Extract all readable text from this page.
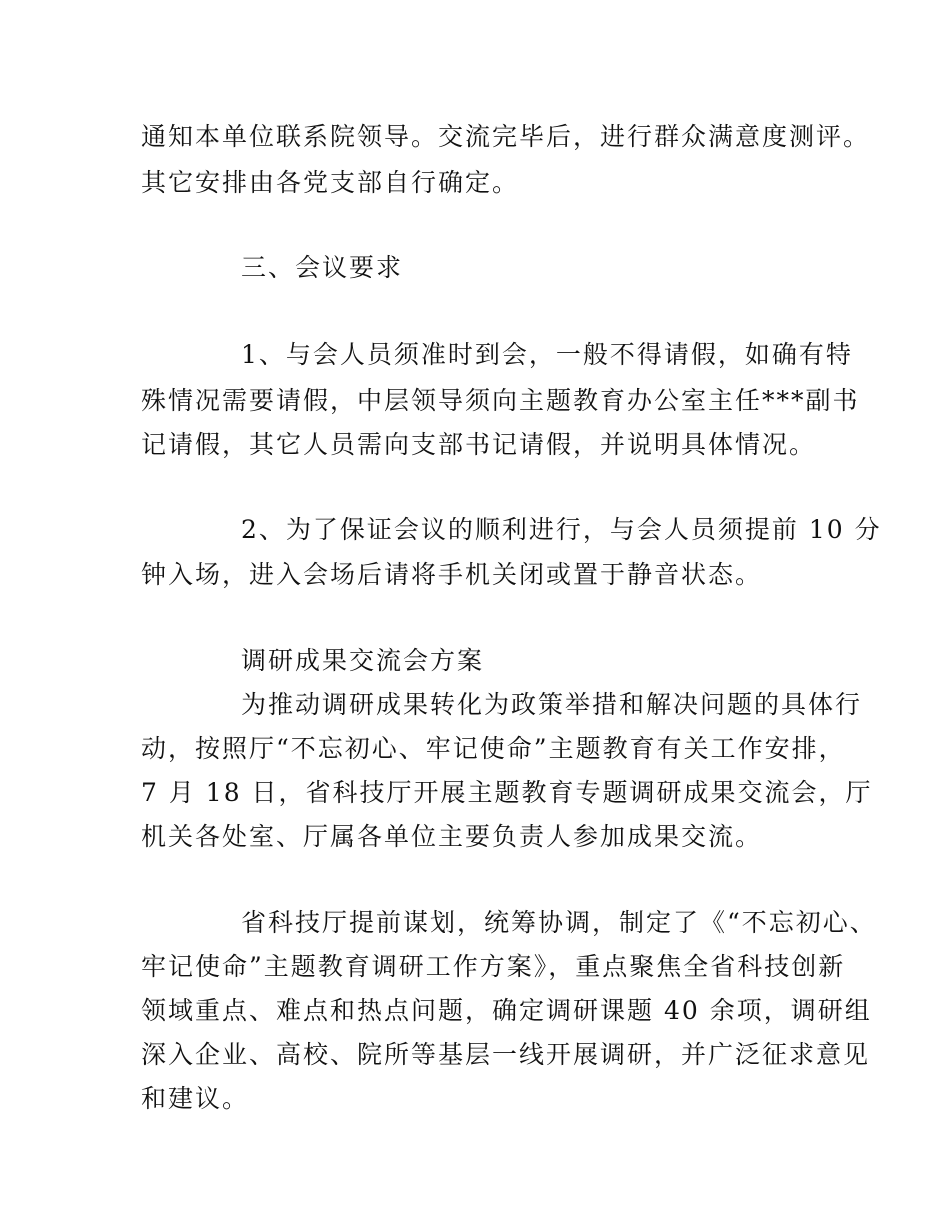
通知本单位联系院领导。交流完毕后，进行群众满意度测评。
其它安排由各党支部自行确定。
三、会议要求
1、与会人员须准时到会，一般不得请假，如确有特
殊情况需要请假，中层领导须向主题教育办公室主任***副书
记请假，其它人员需向支部书记请假，并说明具体情况。
2、为了保证会议的顺利进行，与会人员须提前 10 分
钟入场，进入会场后请将手机关闭或置于静音状态。
调研成果交流会方案
为推动调研成果转化为政策举措和解决问题的具体行
动，按照厅“不忘初心、牢记使命”主题教育有关工作安排，
7 月 18 日，省科技厅开展主题教育专题调研成果交流会，厅
机关各处室、厅属各单位主要负责人参加成果交流。
省科技厅提前谋划，统筹协调，制定了《“不忘初心、
牢记使命”主题教育调研工作方案》，重点聚焦全省科技创新
领域重点、难点和热点问题，确定调研课题 40 余项，调研组
深入企业、高校、院所等基层一线开展调研，并广泛征求意见
和建议。
